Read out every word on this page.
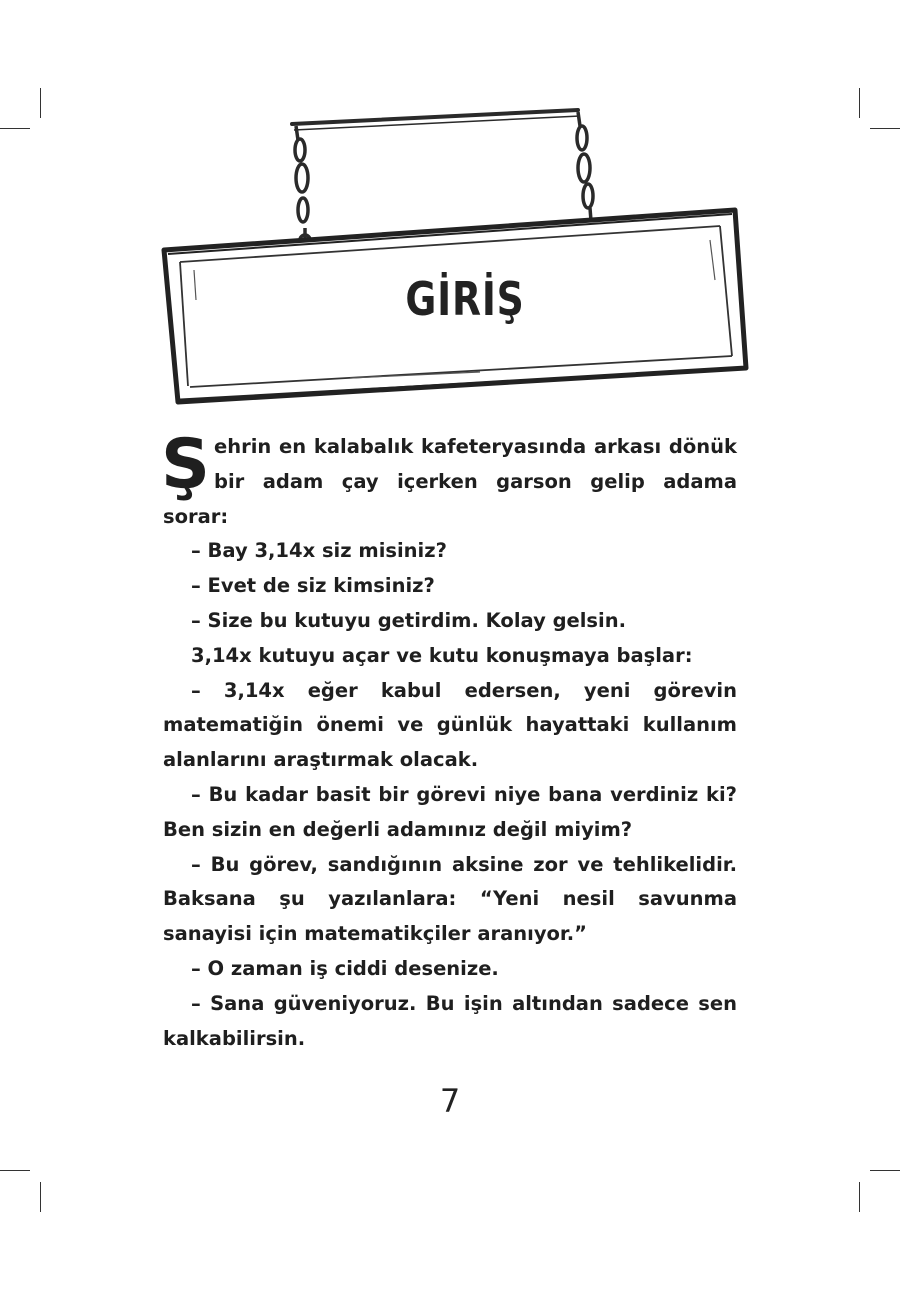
GİRİŞ

Şehrin en kalabalık kafeteryasında arkası dönük bir adam çay içerken garson gelip adama sorar:

– Bay 3,14x siz misiniz?

– Evet de siz kimsiniz?

– Size bu kutuyu getirdim. Kolay gelsin.

3,14x kutuyu açar ve kutu konuşmaya başlar:

– 3,14x eğer kabul edersen, yeni görevin matematiğin önemi ve günlük hayattaki kullanım alanlarını araştırmak olacak.

– Bu kadar basit bir görevi niye bana verdiniz ki? Ben sizin en değerli adamınız değil miyim?

– Bu görev, sandığının aksine zor ve tehlikelidir. Baksana şu yazılanlara: “Yeni nesil savunma sanayisi için matematikçiler aranıyor.”

– O zaman iş ciddi desenize.

– Sana güveniyoruz. Bu işin altından sadece sen kalkabilirsin.

7
